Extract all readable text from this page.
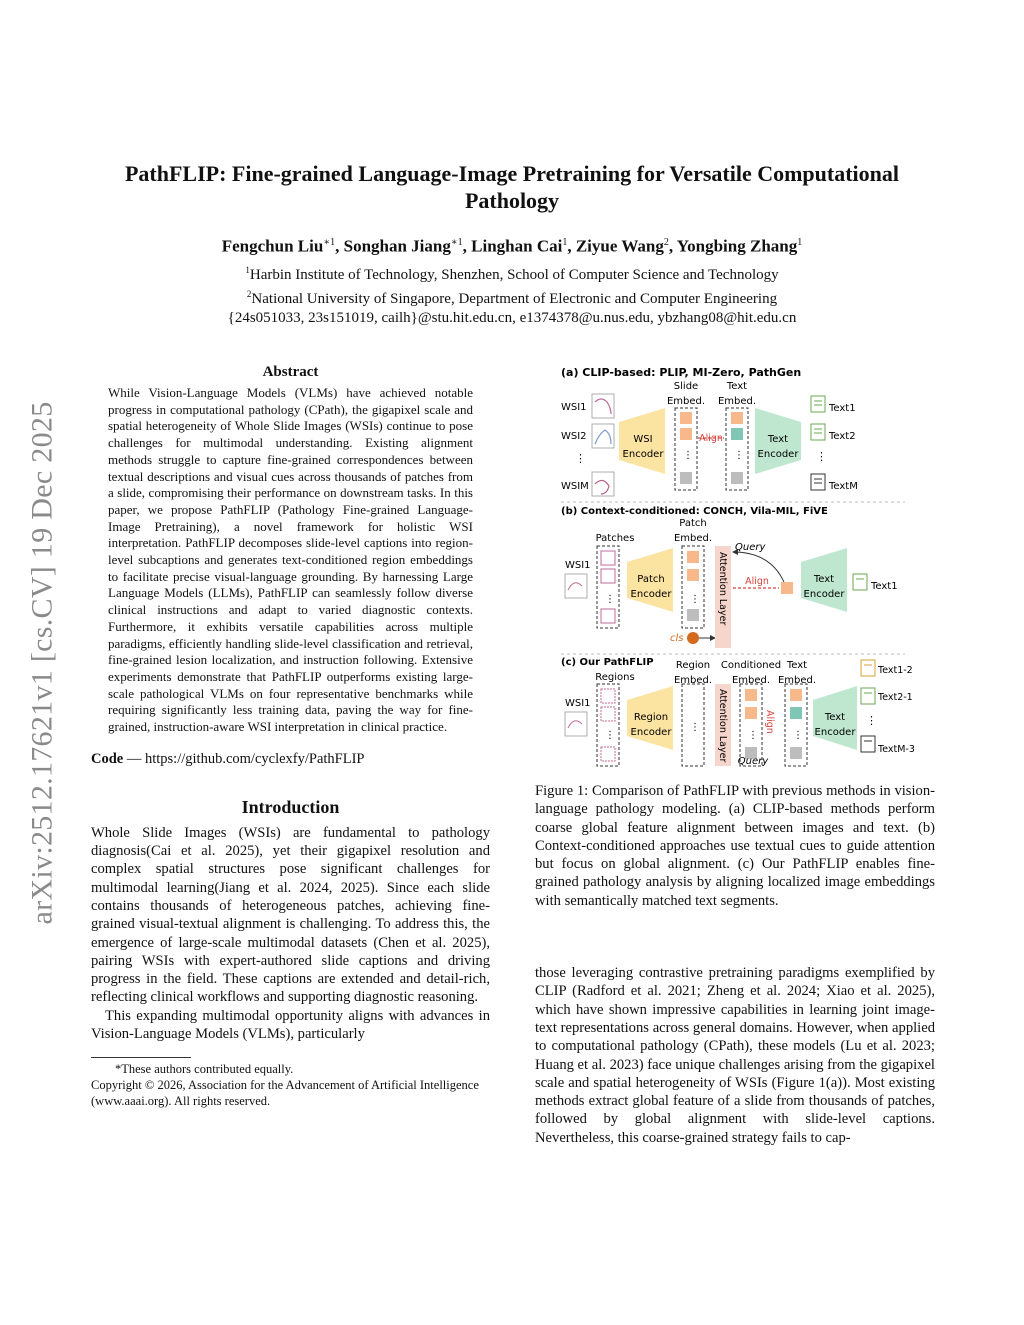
arXiv:2512.17621v1 [cs.CV] 19 Dec 2025
PathFLIP: Fine-grained Language-Image Pretraining for Versatile Computational Pathology
Fengchun Liu$^{∗1}$, Songhan Jiang$^{∗1}$, Linghan Cai$^1$, Ziyue Wang$^2$, Yongbing Zhang$^1$
$^1$Harbin Institute of Technology, Shenzhen, School of Computer Science and Technology
$^2$National University of Singapore, Department of Electronic and Computer Engineering
{24s051033, 23s151019, cailh}@stu.hit.edu.cn, e1374378@u.nus.edu, ybzhang08@hit.edu.cn
Abstract

While Vision-Language Models (VLMs) have achieved notable progress in computational pathology (CPath), the gigapixel scale and spatial heterogeneity of Whole Slide Images (WSIs) continue to pose challenges for multimodal understanding. Existing alignment methods struggle to capture fine-grained correspondences between textual descriptions and visual cues across thousands of patches from a slide, compromising their performance on downstream tasks. In this paper, we propose PathFLIP (Pathology Fine-grained Language-Image Pretraining), a novel framework for holistic WSI interpretation. PathFLIP decomposes slide-level captions into region-level subcaptions and generates text-conditioned region embeddings to facilitate precise visual-language grounding. By harnessing Large Language Models (LLMs), PathFLIP can seamlessly follow diverse clinical instructions and adapt to varied diagnostic contexts. Furthermore, it exhibits versatile capabilities across multiple paradigms, efficiently handling slide-level classification and retrieval, fine-grained lesion localization, and instruction following. Extensive experiments demonstrate that PathFLIP outperforms existing large-scale pathological VLMs on four representative benchmarks while requiring significantly less training data, paving the way for fine-grained, instruction-aware WSI interpretation in clinical practice.

Code — https://github.com/cyclexfy/PathFLIP
Introduction

Whole Slide Images (WSIs) are fundamental to pathology diagnosis(Cai et al. 2025), yet their gigapixel resolution and complex spatial structures pose significant challenges for multimodal learning(Jiang et al. 2024, 2025). Since each slide contains thousands of heterogeneous patches, achieving fine-grained visual-textual alignment is challenging. To address this, the emergence of large-scale multimodal datasets (Chen et al. 2025), pairing WSIs with expert-authored slide captions and driving progress in the field. These captions are extended and detail-rich, reflecting clinical workflows and supporting diagnostic reasoning.

This expanding multimodal opportunity aligns with advances in Vision-Language Models (VLMs), particularly

*These authors contributed equally.

Copyright © 2026, Association for the Advancement of Artificial Intelligence (www.aaai.org). All rights reserved.

(a) CLIP-based: PLIP, MI-Zero, PathGen
Slide
Embed.
Text
Embed.
WSI1
WSI2
⋮
WSIM
WSI
Encoder ⋮
Align
⋮
Text
Encoder
Text1
Text2
⋮
TextM
(b) Context-conditioned: CONCH, Vila-MIL, FiVE
Patch
Embed.
Patches
WSI1
⋮
Patch
Encoder ⋮
cls
Attention Layer
Query
Align	Text
Encoder
Text1
(c) Our PathFLIP
Regions
Region
Embed.
Conditioned
Embed.
Text
Embed.
WSI1
⋮
Region
Encoder ⋮ Attention Layer ⋮
Align
⋮
Query
Text
Encoder
Text1-2
Text2-1
⋮
TextM-3

Figure 1: Comparison of PathFLIP with previous methods in vision-language pathology modeling. (a) CLIP-based methods perform coarse global feature alignment between images and text. (b) Context-conditioned approaches use textual cues to guide attention but focus on global alignment. (c) Our PathFLIP enables fine-grained pathology analysis by aligning localized image embeddings with semantically matched text segments.

those leveraging contrastive pretraining paradigms exemplified by CLIP (Radford et al. 2021; Zheng et al. 2024; Xiao et al. 2025), which have shown impressive capabilities in learning joint image-text representations across general domains. However, when applied to computational pathology (CPath), these models (Lu et al. 2023; Huang et al. 2023) face unique challenges arising from the gigapixel scale and spatial heterogeneity of WSIs (Figure 1(a)). Most existing methods extract global feature of a slide from thousands of patches, followed by global alignment with slide-level captions. Nevertheless, this coarse-grained strategy fails to cap-
